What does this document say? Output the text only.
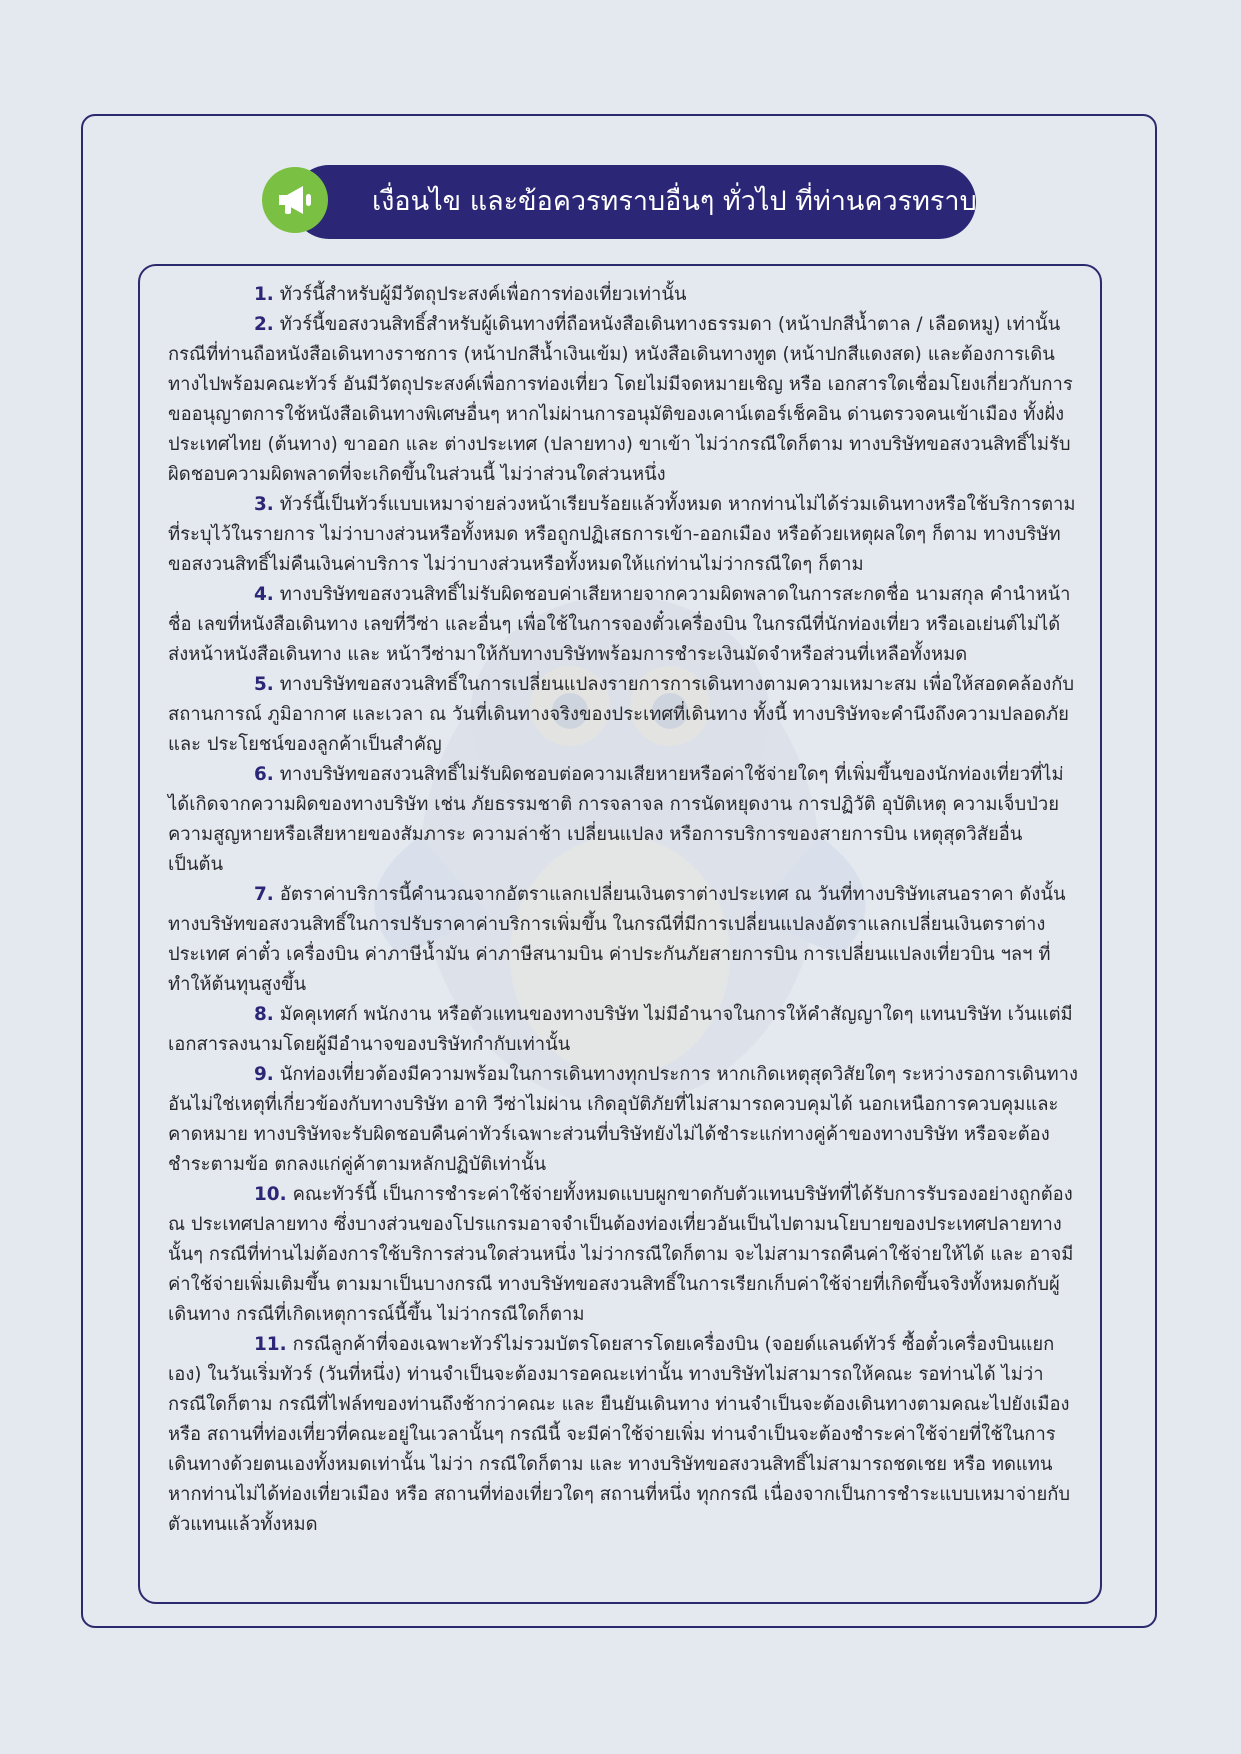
เงื่อนไข และข้อควรทราบอื่นๆ ทั่วไป ที่ท่านควรทราบ

1. ทัวร์นี้สำหรับผู้มีวัตถุประสงค์เพื่อการท่องเที่ยวเท่านั้น

2. ทัวร์นี้ขอสงวนสิทธิ์สำหรับผู้เดินทางที่ถือหนังสือเดินทางธรรมดา (หน้าปกสีน้ำตาล / เลือดหมู) เท่านั้น กรณีที่ท่านถือหนังสือเดินทางราชการ (หน้าปกสีน้ำเงินเข้ม) หนังสือเดินทางทูต (หน้าปกสีแดงสด) และต้องการเดินทางไปพร้อมคณะทัวร์ อันมีวัตถุประสงค์เพื่อการท่องเที่ยว โดยไม่มีจดหมายเชิญ หรือ เอกสารใดเชื่อมโยงเกี่ยวกับการขออนุญาตการใช้หนังสือเดินทางพิเศษอื่นๆ หากไม่ผ่านการอนุมัติของเคาน์เตอร์เช็คอิน ด่านตรวจคนเข้าเมือง ทั้งฝั่งประเทศไทย (ต้นทาง) ขาออก และ ต่างประเทศ (ปลายทาง) ขาเข้า ไม่ว่ากรณีใดก็ตาม ทางบริษัทขอสงวนสิทธิ์ไม่รับผิดชอบความผิดพลาดที่จะเกิดขึ้นในส่วนนี้ ไม่ว่าส่วนใดส่วนหนึ่ง

3. ทัวร์นี้เป็นทัวร์แบบเหมาจ่ายล่วงหน้าเรียบร้อยแล้วทั้งหมด หากท่านไม่ได้ร่วมเดินทางหรือใช้บริการตามที่ระบุไว้ในรายการ ไม่ว่าบางส่วนหรือทั้งหมด หรือถูกปฏิเสธการเข้า-ออกเมือง หรือด้วยเหตุผลใดๆ ก็ตาม ทางบริษัทขอสงวนสิทธิ์ไม่คืนเงินค่าบริการ ไม่ว่าบางส่วนหรือทั้งหมดให้แก่ท่านไม่ว่ากรณีใดๆ ก็ตาม

4. ทางบริษัทขอสงวนสิทธิ์ไม่รับผิดชอบค่าเสียหายจากความผิดพลาดในการสะกดชื่อ นามสกุล คำนำหน้าชื่อ เลขที่หนังสือเดินทาง เลขที่วีซ่า และอื่นๆ เพื่อใช้ในการจองตั๋วเครื่องบิน ในกรณีที่นักท่องเที่ยว หรือเอเย่นต์ไม่ได้ส่งหน้าหนังสือเดินทาง และ หน้าวีซ่ามาให้กับทางบริษัทพร้อมการชำระเงินมัดจำหรือส่วนที่เหลือทั้งหมด

5. ทางบริษัทขอสงวนสิทธิ์ในการเปลี่ยนแปลงรายการการเดินทางตามความเหมาะสม เพื่อให้สอดคล้องกับ สถานการณ์ ภูมิอากาศ และเวลา ณ วันที่เดินทางจริงของประเทศที่เดินทาง ทั้งนี้ ทางบริษัทจะคำนึงถึงความปลอดภัย และ ประโยชน์ของลูกค้าเป็นสำคัญ

6. ทางบริษัทขอสงวนสิทธิ์ไม่รับผิดชอบต่อความเสียหายหรือค่าใช้จ่ายใดๆ ที่เพิ่มขึ้นของนักท่องเที่ยวที่ไม่ได้เกิดจากความผิดของทางบริษัท เช่น ภัยธรรมชาติ การจลาจล การนัดหยุดงาน การปฏิวัติ อุบัติเหตุ ความเจ็บป่วย ความสูญหายหรือเสียหายของสัมภาระ ความล่าช้า เปลี่ยนแปลง หรือการบริการของสายการบิน เหตุสุดวิสัยอื่น เป็นต้น

7. อัตราค่าบริการนี้คำนวณจากอัตราแลกเปลี่ยนเงินตราต่างประเทศ ณ วันที่ทางบริษัทเสนอราคา ดังนั้น ทางบริษัทขอสงวนสิทธิ์ในการปรับราคาค่าบริการเพิ่มขึ้น ในกรณีที่มีการเปลี่ยนแปลงอัตราแลกเปลี่ยนเงินตราต่างประเทศ ค่าตั๋ว เครื่องบิน ค่าภาษีน้ำมัน ค่าภาษีสนามบิน ค่าประกันภัยสายการบิน การเปลี่ยนแปลงเที่ยวบิน ฯลฯ ที่ทำให้ต้นทุนสูงขึ้น

8. มัคคุเทศก์ พนักงาน หรือตัวแทนของทางบริษัท ไม่มีอำนาจในการให้คำสัญญาใดๆ แทนบริษัท เว้นแต่มีเอกสารลงนามโดยผู้มีอำนาจของบริษัทกำกับเท่านั้น

9. นักท่องเที่ยวต้องมีความพร้อมในการเดินทางทุกประการ หากเกิดเหตุสุดวิสัยใดๆ ระหว่างรอการเดินทาง อันไม่ใช่เหตุที่เกี่ยวข้องกับทางบริษัท อาทิ วีซ่าไม่ผ่าน เกิดอุบัติภัยที่ไม่สามารถควบคุมได้ นอกเหนือการควบคุมและคาดหมาย ทางบริษัทจะรับผิดชอบคืนค่าทัวร์เฉพาะส่วนที่บริษัทยังไม่ได้ชำระแก่ทางคู่ค้าของทางบริษัท หรือจะต้องชำระตามข้อ ตกลงแก่คู่ค้าตามหลักปฏิบัติเท่านั้น

10. คณะทัวร์นี้ เป็นการชำระค่าใช้จ่ายทั้งหมดแบบผูกขาดกับตัวแทนบริษัทที่ได้รับการรับรองอย่างถูกต้อง ณ ประเทศปลายทาง ซึ่งบางส่วนของโปรแกรมอาจจำเป็นต้องท่องเที่ยวอันเป็นไปตามนโยบายของประเทศปลายทางนั้นๆ กรณีที่ท่านไม่ต้องการใช้บริการส่วนใดส่วนหนึ่ง ไม่ว่ากรณีใดก็ตาม จะไม่สามารถคืนค่าใช้จ่ายให้ได้ และ อาจมีค่าใช้จ่ายเพิ่มเติมขึ้น ตามมาเป็นบางกรณี ทางบริษัทขอสงวนสิทธิ์ในการเรียกเก็บค่าใช้จ่ายที่เกิดขึ้นจริงทั้งหมดกับผู้เดินทาง กรณีที่เกิดเหตุการณ์นี้ขึ้น ไม่ว่ากรณีใดก็ตาม

11. กรณีลูกค้าที่จองเฉพาะทัวร์ไม่รวมบัตรโดยสารโดยเครื่องบิน (จอยด์แลนด์ทัวร์ ซื้อตั๋วเครื่องบินแยกเอง) ในวันเริ่มทัวร์ (วันที่หนึ่ง) ท่านจำเป็นจะต้องมารอคณะเท่านั้น ทางบริษัทไม่สามารถให้คณะ รอท่านได้ ไม่ว่ากรณีใดก็ตาม กรณีที่ไฟล์ทของท่านถึงช้ากว่าคณะ และ ยืนยันเดินทาง ท่านจำเป็นจะต้องเดินทางตามคณะไปยังเมือง หรือ สถานที่ท่องเที่ยวที่คณะอยู่ในเวลานั้นๆ กรณีนี้ จะมีค่าใช้จ่ายเพิ่ม ท่านจำเป็นจะต้องชำระค่าใช้จ่ายที่ใช้ในการเดินทางด้วยตนเองทั้งหมดเท่านั้น ไม่ว่า กรณีใดก็ตาม และ ทางบริษัทขอสงวนสิทธิ์ไม่สามารถชดเชย หรือ ทดแทน หากท่านไม่ได้ท่องเที่ยวเมือง หรือ สถานที่ท่องเที่ยวใดๆ สถานที่หนึ่ง ทุกกรณี เนื่องจากเป็นการชำระแบบเหมาจ่ายกับตัวแทนแล้วทั้งหมด
